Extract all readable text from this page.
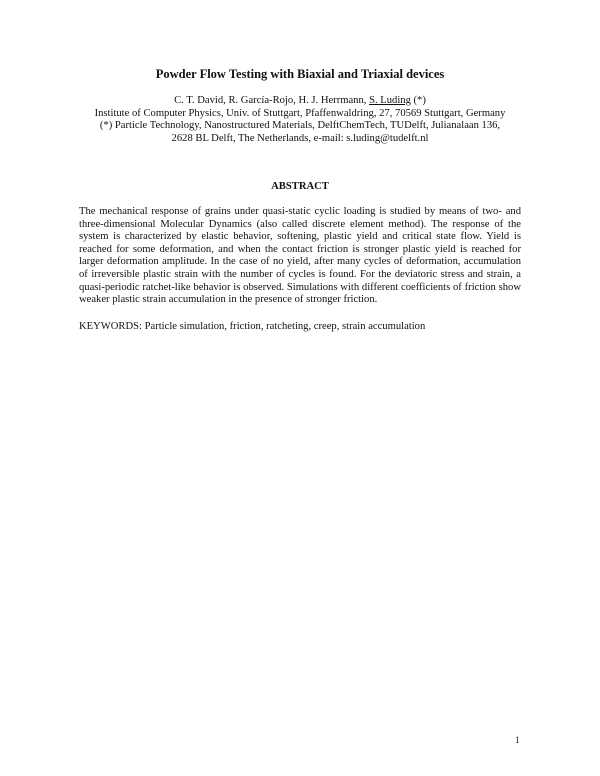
Powder Flow Testing with Biaxial and Triaxial devices
C. T. David, R. García-Rojo, H. J. Herrmann, S. Luding (*)
Institute of Computer Physics, Univ. of Stuttgart, Pfaffenwaldring, 27, 70569 Stuttgart, Germany
(*) Particle Technology, Nanostructured Materials, DelftChemTech, TUDelft, Julianalaan 136,
2628 BL Delft, The Netherlands, e-mail: s.luding@tudelft.nl
ABSTRACT
The mechanical response of grains under quasi-static cyclic loading is studied by means of two- and three-dimensional Molecular Dynamics (also called discrete element method). The response of the system is characterized by elastic behavior, softening, plastic yield and critical state flow. Yield is reached for some deformation, and when the contact friction is stronger plastic yield is reached for larger deformation amplitude. In the case of no yield, after many cycles of deformation, accumulation of irreversible plastic strain with the number of cycles is found. For the deviatoric stress and strain, a quasi-periodic ratchet-like behavior is observed. Simulations with different coefficients of friction show weaker plastic strain accumulation in the presence of stronger friction.
KEYWORDS: Particle simulation, friction, ratcheting, creep, strain accumulation
1
